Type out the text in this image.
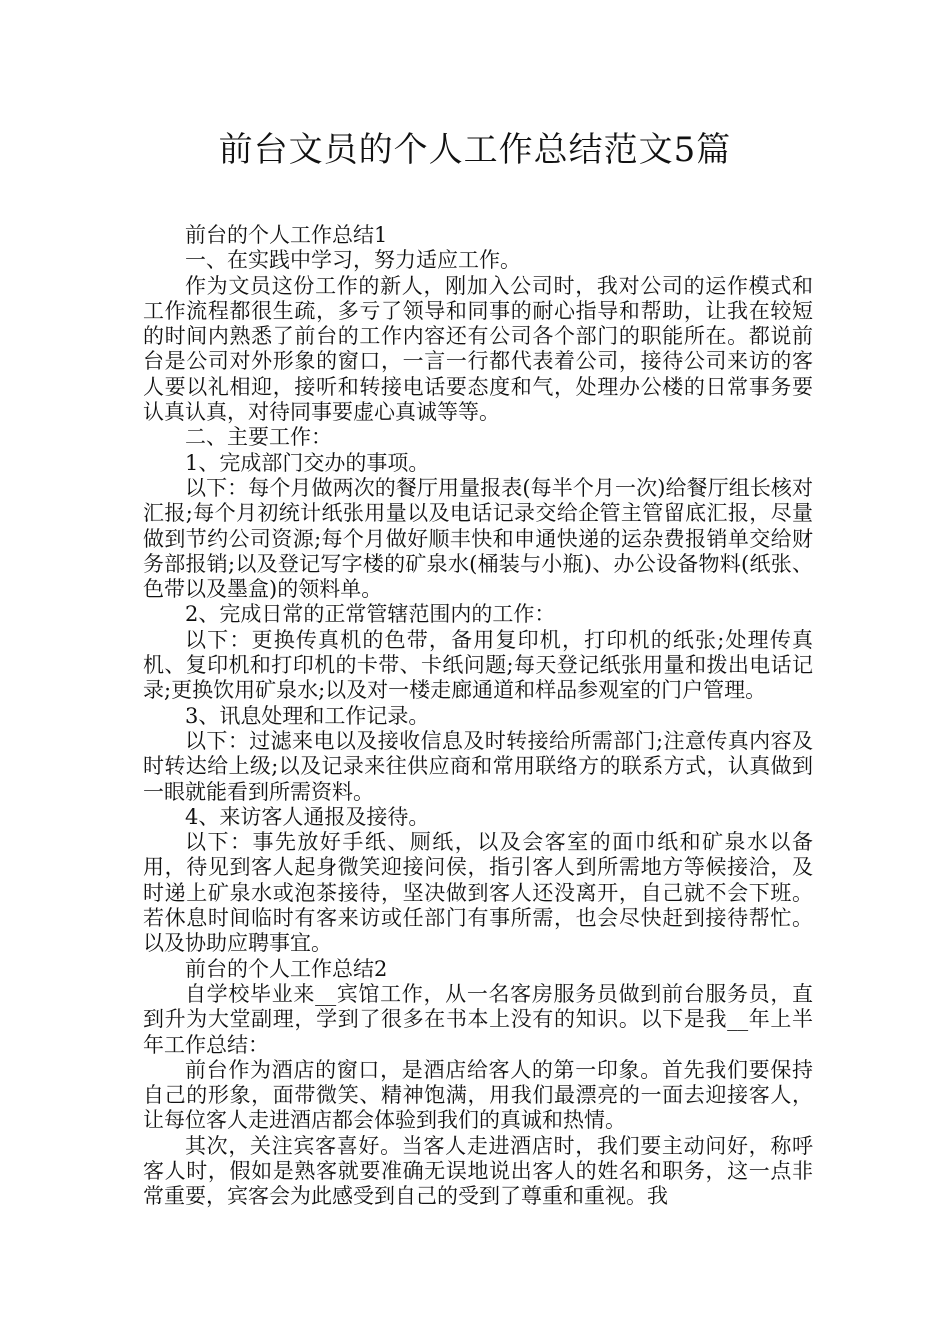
前台文员的个人工作总结范文5篇

前台的个人工作总结1

一、在实践中学习，努力适应工作。

作为文员这份工作的新人，刚加入公司时，我对公司的运作模式和工作流程都很生疏，多亏了领导和同事的耐心指导和帮助，让我在较短的时间内熟悉了前台的工作内容还有公司各个部门的职能所在。都说前台是公司对外形象的窗口，一言一行都代表着公司，接待公司来访的客人要以礼相迎，接听和转接电话要态度和气，处理办公楼的日常事务要认真认真，对待同事要虚心真诚等等。

二、主要工作：

1、完成部门交办的事项。

以下：每个月做两次的餐厅用量报表(每半个月一次)给餐厅组长核对汇报;每个月初统计纸张用量以及电话记录交给企管主管留底汇报，尽量做到节约公司资源;每个月做好顺丰快和申通快递的运杂费报销单交给财务部报销;以及登记写字楼的矿泉水(桶装与小瓶)、办公设备物料(纸张、色带以及墨盒)的领料单。

2、完成日常的正常管辖范围内的工作：

以下：更换传真机的色带，备用复印机，打印机的纸张;处理传真机、复印机和打印机的卡带、卡纸问题;每天登记纸张用量和拨出电话记录;更换饮用矿泉水;以及对一楼走廊通道和样品参观室的门户管理。

3、讯息处理和工作记录。

以下：过滤来电以及接收信息及时转接给所需部门;注意传真内容及时转达给上级;以及记录来往供应商和常用联络方的联系方式，认真做到一眼就能看到所需资料。

4、来访客人通报及接待。

以下：事先放好手纸、厕纸，以及会客室的面巾纸和矿泉水以备用，待见到客人起身微笑迎接问侯，指引客人到所需地方等候接洽，及时递上矿泉水或泡茶接待，坚决做到客人还没离开，自己就不会下班。若休息时间临时有客来访或任部门有事所需，也会尽快赶到接待帮忙。以及协助应聘事宜。

前台的个人工作总结2

自学校毕业来__宾馆工作，从一名客房服务员做到前台服务员，直到升为大堂副理，学到了很多在书本上没有的知识。以下是我__年上半年工作总结：

前台作为酒店的窗口，是酒店给客人的第一印象。首先我们要保持自己的形象，面带微笑、精神饱满，用我们最漂亮的一面去迎接客人，让每位客人走进酒店都会体验到我们的真诚和热情。

其次，关注宾客喜好。当客人走进酒店时，我们要主动问好，称呼客人时，假如是熟客就要准确无误地说出客人的姓名和职务，这一点非常重要，宾客会为此感受到自己的受到了尊重和重视。我
